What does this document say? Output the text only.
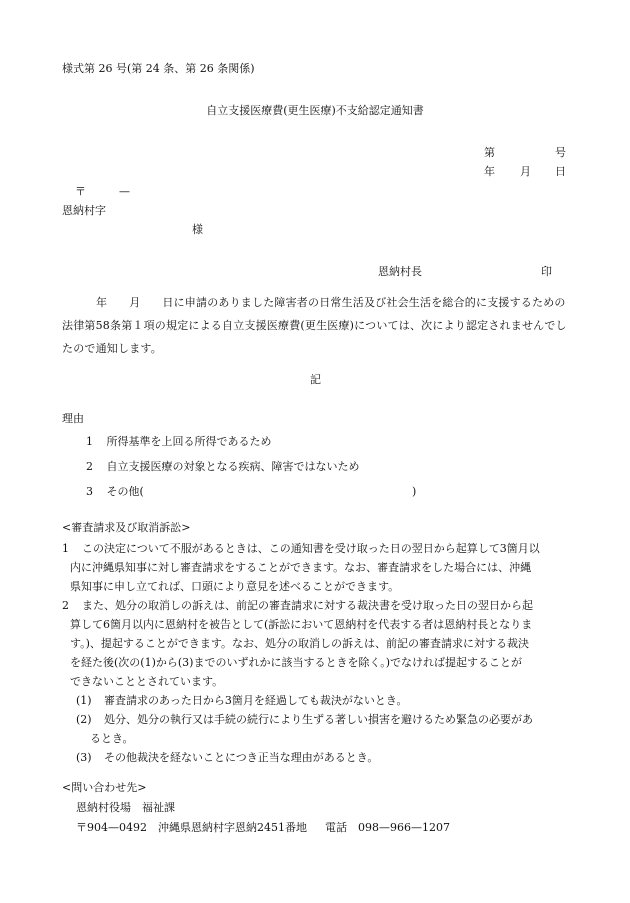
様式第 26 号(第 24 条、第 26 条関係)
自立支援医療費(更生医療)不支給認定通知書
第	号
年 月 日
〒	—
恩納村字
様
恩納村長	印
年 月 日に申請のありました障害者の日常生活及び社会生活を総合的に支援するための法律第58条第１項の規定による自立支援医療費(更生医療)については、次により認定されませんでしたので通知します。
記
理由
1 所得基準を上回る所得であるため
2 自立支援医療の対象となる疾病、障害ではないため
3 その他(	)
<審査請求及び取消訴訟>
1 この決定について不服があるときは、この通知書を受け取った日の翌日から起算して3箇月以
内に沖縄県知事に対し審査請求をすることができます。なお、審査請求をした場合には、沖縄
県知事に申し立てれば、口頭により意見を述べることができます。
2 また、処分の取消しの訴えは、前記の審査請求に対する裁決書を受け取った日の翌日から起
算して6箇月以内に恩納村を被告として(訴訟において恩納村を代表する者は恩納村長となりま
す。)、提起することができます。なお、処分の取消しの訴えは、前記の審査請求に対する裁決
を経た後(次の(1)から(3)までのいずれかに該当するときを除く。)でなければ提起することが
できないこととされています。
(1) 審査請求のあった日から3箇月を経過しても裁決がないとき。
(2) 処分、処分の執行又は手続の続行により生ずる著しい損害を避けるため緊急の必要があ
るとき。
(3) その他裁決を経ないことにつき正当な理由があるとき。
<問い合わせ先>
恩納村役場　福祉課
〒904—0492　沖縄県恩納村字恩納2451番地 電話　098—966—1207
